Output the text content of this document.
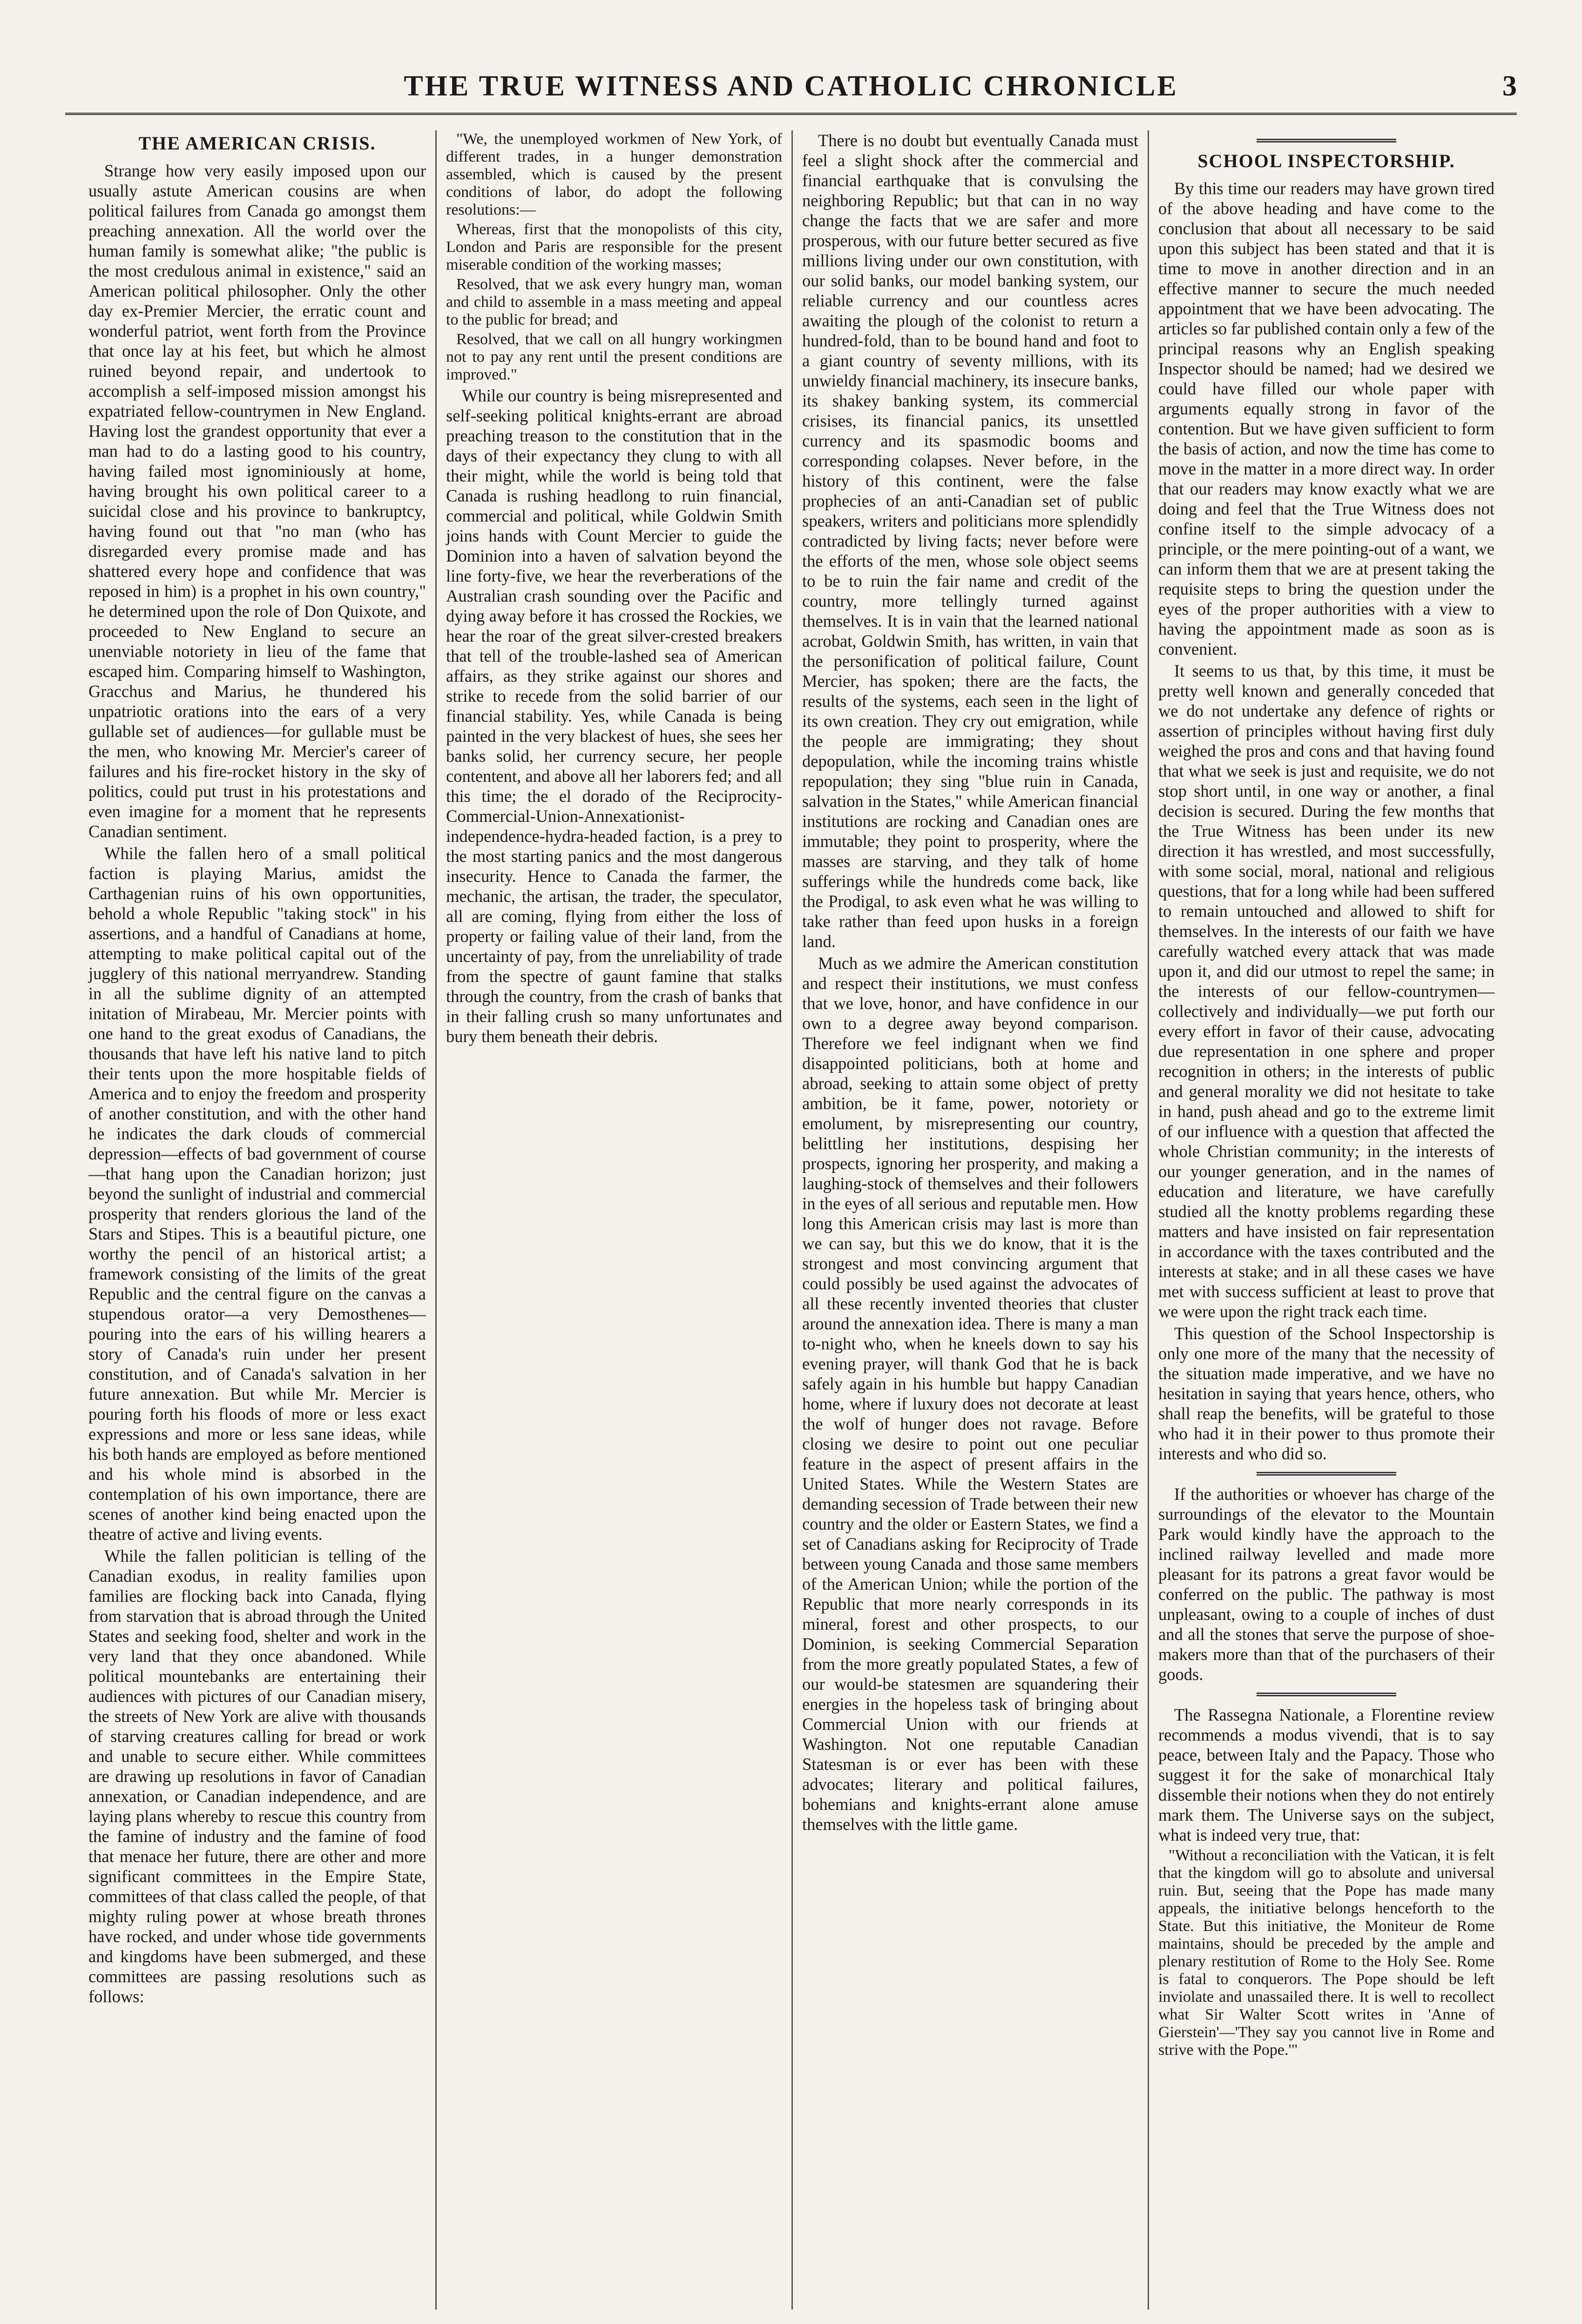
THE TRUE WITNESS AND CATHOLIC CHRONICLE	3
THE AMERICAN CRISIS.

Strange how very easily imposed upon our usually astute American cousins are when political failures from Canada go amongst them preaching annexation. All the world over the human family is somewhat alike; "the public is the most credulous animal in existence," said an American political philosopher. Only the other day ex-Premier Mercier, the erratic count and wonderful patriot, went forth from the Province that once lay at his feet, but which he almost ruined beyond repair, and undertook to accomplish a self-imposed mission amongst his expatriated fellow-countrymen in New England. Having lost the grandest opportunity that ever a man had to do a lasting good to his country, having failed most ignominiously at home, having brought his own political career to a suicidal close and his province to bankruptcy, having found out that "no man (who has disregarded every promise made and has shattered every hope and confidence that was reposed in him) is a prophet in his own country," he determined upon the role of Don Quixote, and proceeded to New England to secure an unenviable notoriety in lieu of the fame that escaped him. Comparing himself to Washington, Gracchus and Marius, he thundered his unpatriotic orations into the ears of a very gullable set of audiences—for gullable must be the men, who knowing Mr. Mercier's career of failures and his fire-rocket history in the sky of politics, could put trust in his protestations and even imagine for a moment that he represents Canadian sentiment.

While the fallen hero of a small political faction is playing Marius, amidst the Carthagenian ruins of his own opportunities, behold a whole Republic "taking stock" in his assertions, and a handful of Canadians at home, attempting to make political capital out of the jugglery of this national merryandrew. Standing in all the sublime dignity of an attempted initation of Mirabeau, Mr. Mercier points with one hand to the great exodus of Canadians, the thousands that have left his native land to pitch their tents upon the more hospitable fields of America and to enjoy the freedom and prosperity of another constitution, and with the other hand he indicates the dark clouds of commercial depression—effects of bad government of course—that hang upon the Canadian horizon; just beyond the sunlight of industrial and commercial prosperity that renders glorious the land of the Stars and Stipes. This is a beautiful picture, one worthy the pencil of an historical artist; a framework consisting of the limits of the great Republic and the central figure on the canvas a stupendous orator—a very Demosthenes—pouring into the ears of his willing hearers a story of Canada's ruin under her present constitution, and of Canada's salvation in her future annexation. But while Mr. Mercier is pouring forth his floods of more or less exact expressions and more or less sane ideas, while his both hands are employed as before mentioned and his whole mind is absorbed in the contemplation of his own importance, there are scenes of another kind being enacted upon the theatre of active and living events.

While the fallen politician is telling of the Canadian exodus, in reality families upon families are flocking back into Canada, flying from starvation that is abroad through the United States and seeking food, shelter and work in the very land that they once abandoned. While political mountebanks are entertaining their audiences with pictures of our Canadian misery, the streets of New York are alive with thousands of starving creatures calling for bread or work and unable to secure either. While committees are drawing up resolutions in favor of Canadian annexation, or Canadian independence, and are laying plans whereby to rescue this country from the famine of industry and the famine of food that menace her future, there are other and more significant committees in the Empire State, committees of that class called the people, of that mighty ruling power at whose breath thrones have rocked, and under whose tide governments and kingdoms have been submerged, and these committees are passing resolutions such as follows:

"We, the unemployed workmen of New York, of different trades, in a hunger demonstration assembled, which is caused by the present conditions of labor, do adopt the following resolutions:—

Whereas, first that the monopolists of this city, London and Paris are responsible for the present miserable condition of the working masses;

Resolved, that we ask every hungry man, woman and child to assemble in a mass meeting and appeal to the public for bread; and

Resolved, that we call on all hungry workingmen not to pay any rent until the present conditions are improved."

While our country is being misrepresented and self-seeking political knights-errant are abroad preaching treason to the constitution that in the days of their expectancy they clung to with all their might, while the world is being told that Canada is rushing headlong to ruin financial, commercial and political, while Goldwin Smith joins hands with Count Mercier to guide the Dominion into a haven of salvation beyond the line forty-five, we hear the reverberations of the Australian crash sounding over the Pacific and dying away before it has crossed the Rockies, we hear the roar of the great silver-crested breakers that tell of the trouble-lashed sea of American affairs, as they strike against our shores and strike to recede from the solid barrier of our financial stability. Yes, while Canada is being painted in the very blackest of hues, she sees her banks solid, her currency secure, her people contentent, and above all her laborers fed; and all this time; the el dorado of the Reciprocity-Commercial-Union-Annexationist-independence-hydra-headed faction, is a prey to the most starting panics and the most dangerous insecurity. Hence to Canada the farmer, the mechanic, the artisan, the trader, the speculator, all are coming, flying from either the loss of property or failing value of their land, from the uncertainty of pay, from the unreliability of trade from the spectre of gaunt famine that stalks through the country, from the crash of banks that in their falling crush so many unfortunates and bury them beneath their debris.

There is no doubt but eventually Canada must feel a slight shock after the commercial and financial earthquake that is convulsing the neighboring Republic; but that can in no way change the facts that we are safer and more prosperous, with our future better secured as five millions living under our own constitution, with our solid banks, our model banking system, our reliable currency and our countless acres awaiting the plough of the colonist to return a hundred-fold, than to be bound hand and foot to a giant country of seventy millions, with its unwieldy financial machinery, its insecure banks, its shakey banking system, its commercial crisises, its financial panics, its unsettled currency and its spasmodic booms and corresponding colapses. Never before, in the history of this continent, were the false prophecies of an anti-Canadian set of public speakers, writers and politicians more splendidly contradicted by living facts; never before were the efforts of the men, whose sole object seems to be to ruin the fair name and credit of the country, more tellingly turned against themselves. It is in vain that the learned national acrobat, Goldwin Smith, has written, in vain that the personification of political failure, Count Mercier, has spoken; there are the facts, the results of the systems, each seen in the light of its own creation. They cry out emigration, while the people are immigrating; they shout depopulation, while the incoming trains whistle repopulation; they sing "blue ruin in Canada, salvation in the States," while American financial institutions are rocking and Canadian ones are immutable; they point to prosperity, where the masses are starving, and they talk of home sufferings while the hundreds come back, like the Prodigal, to ask even what he was willing to take rather than feed upon husks in a foreign land.

Much as we admire the American constitution and respect their institutions, we must confess that we love, honor, and have confidence in our own to a degree away beyond comparison. Therefore we feel indignant when we find disappointed politicians, both at home and abroad, seeking to attain some object of pretty ambition, be it fame, power, notoriety or emolument, by misrepresenting our country, belittling her institutions, despising her prospects, ignoring her prosperity, and making a laughing-stock of themselves and their followers in the eyes of all serious and reputable men. How long this American crisis may last is more than we can say, but this we do know, that it is the strongest and most convincing argument that could possibly be used against the advocates of all these recently invented theories that cluster around the annexation idea. There is many a man to-night who, when he kneels down to say his evening prayer, will thank God that he is back safely again in his humble but happy Canadian home, where if luxury does not decorate at least the wolf of hunger does not ravage. Before closing we desire to point out one peculiar feature in the aspect of present affairs in the United States. While the Western States are demanding secession of Trade between their new country and the older or Eastern States, we find a set of Canadians asking for Reciprocity of Trade between young Canada and those same members of the American Union; while the portion of the Republic that more nearly corresponds in its mineral, forest and other prospects, to our Dominion, is seeking Commercial Separation from the more greatly populated States, a few of our would-be statesmen are squandering their energies in the hopeless task of bringing about Commercial Union with our friends at Washington. Not one reputable Canadian Statesman is or ever has been with these advocates; literary and political failures, bohemians and knights-errant alone amuse themselves with the little game.

SCHOOL INSPECTORSHIP.

By this time our readers may have grown tired of the above heading and have come to the conclusion that about all necessary to be said upon this subject has been stated and that it is time to move in another direction and in an effective manner to secure the much needed appointment that we have been advocating. The articles so far published contain only a few of the principal reasons why an English speaking Inspector should be named; had we desired we could have filled our whole paper with arguments equally strong in favor of the contention. But we have given sufficient to form the basis of action, and now the time has come to move in the matter in a more direct way. In order that our readers may know exactly what we are doing and feel that the True Witness does not confine itself to the simple advocacy of a principle, or the mere pointing-out of a want, we can inform them that we are at present taking the requisite steps to bring the question under the eyes of the proper authorities with a view to having the appointment made as soon as is convenient.

It seems to us that, by this time, it must be pretty well known and generally conceded that we do not undertake any defence of rights or assertion of principles without having first duly weighed the pros and cons and that having found that what we seek is just and requisite, we do not stop short until, in one way or another, a final decision is secured. During the few months that the True Witness has been under its new direction it has wrestled, and most successfully, with some social, moral, national and religious questions, that for a long while had been suffered to remain untouched and allowed to shift for themselves. In the interests of our faith we have carefully watched every attack that was made upon it, and did our utmost to repel the same; in the interests of our fellow-countrymen—collectively and individually—we put forth our every effort in favor of their cause, advocating due representation in one sphere and proper recognition in others; in the interests of public and general morality we did not hesitate to take in hand, push ahead and go to the extreme limit of our influence with a question that affected the whole Christian community; in the interests of our younger generation, and in the names of education and literature, we have carefully studied all the knotty problems regarding these matters and have insisted on fair representation in accordance with the taxes contributed and the interests at stake; and in all these cases we have met with success sufficient at least to prove that we were upon the right track each time.

This question of the School Inspectorship is only one more of the many that the necessity of the situation made imperative, and we have no hesitation in saying that years hence, others, who shall reap the benefits, will be grateful to those who had it in their power to thus promote their interests and who did so.

If the authorities or whoever has charge of the surroundings of the elevator to the Mountain Park would kindly have the approach to the inclined railway levelled and made more pleasant for its patrons a great favor would be conferred on the public. The pathway is most unpleasant, owing to a couple of inches of dust and all the stones that serve the purpose of shoe-makers more than that of the purchasers of their goods.

The Rassegna Nationale, a Florentine review recommends a modus vivendi, that is to say peace, between Italy and the Papacy. Those who suggest it for the sake of monarchical Italy dissemble their notions when they do not entirely mark them. The Universe says on the subject, what is indeed very true, that:

"Without a reconciliation with the Vatican, it is felt that the kingdom will go to absolute and universal ruin. But, seeing that the Pope has made many appeals, the initiative belongs henceforth to the State. But this initiative, the Moniteur de Rome maintains, should be preceded by the ample and plenary restitution of Rome to the Holy See. Rome is fatal to conquerors. The Pope should be left inviolate and unassailed there. It is well to recollect what Sir Walter Scott writes in 'Anne of Gierstein'—'They say you cannot live in Rome and strive with the Pope.'"
